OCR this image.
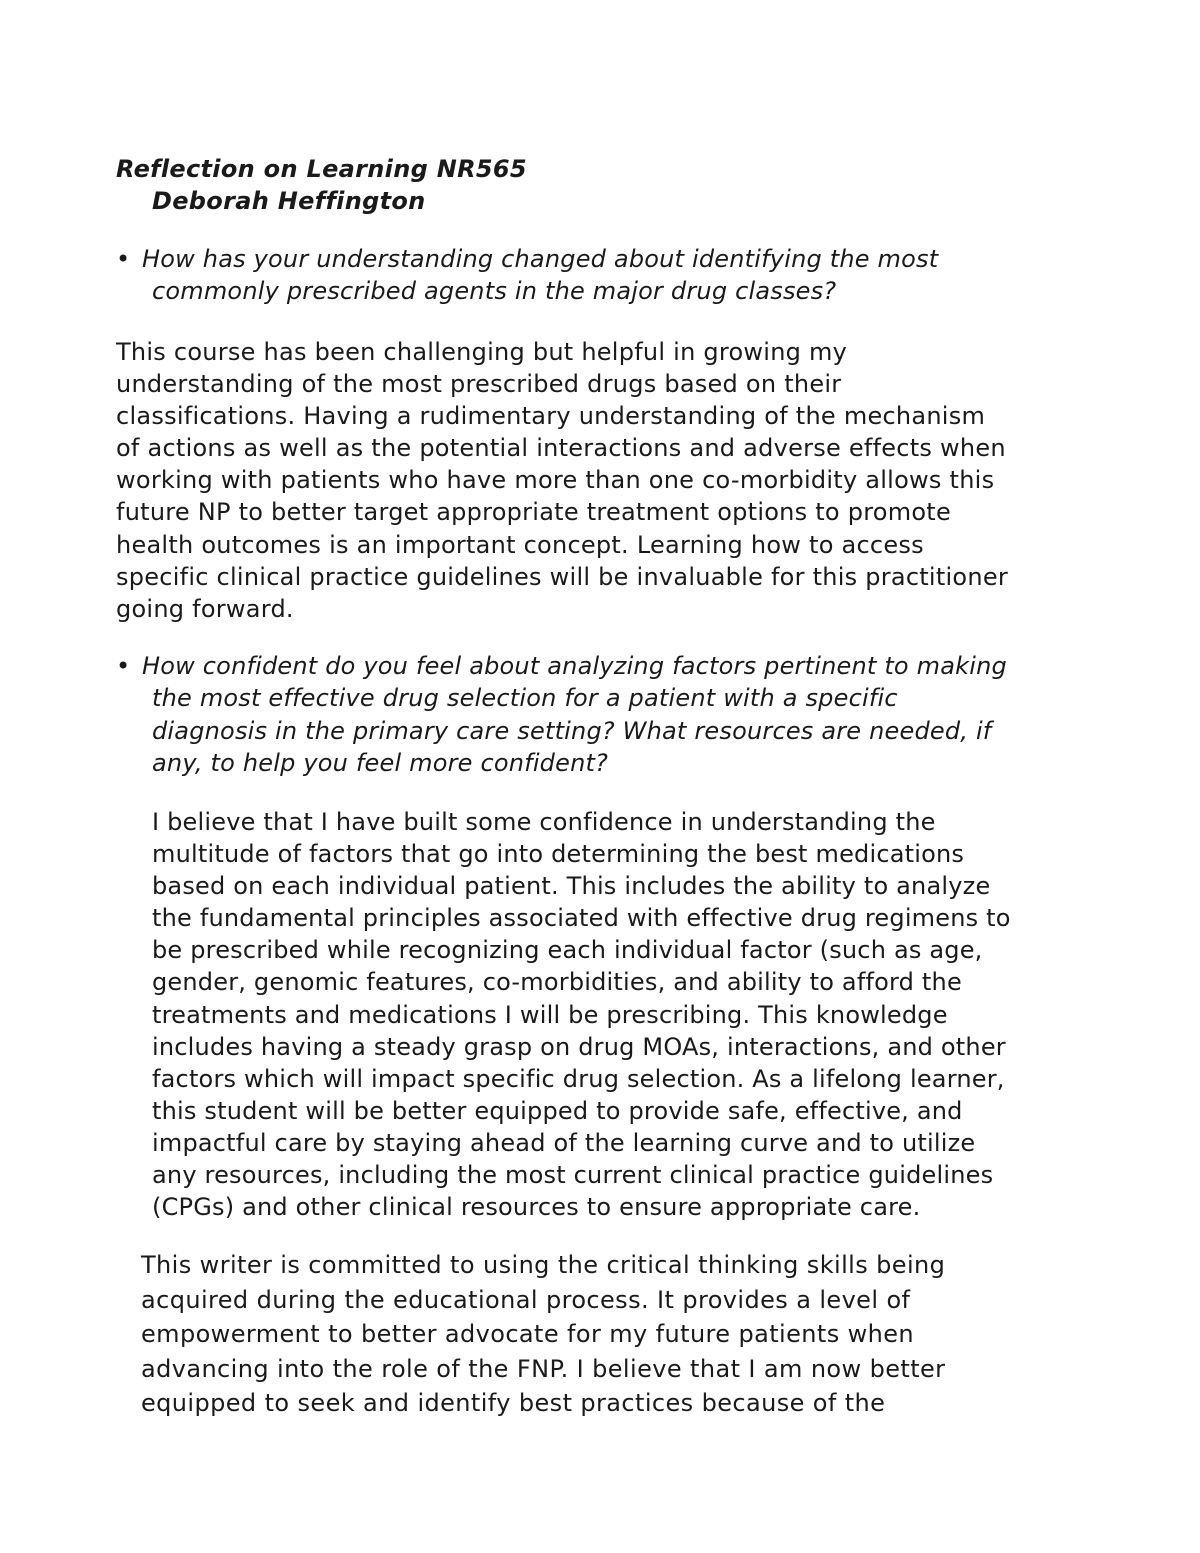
Reflection on Learning NR565
Deborah Heffington
• How has your understanding changed about identifying the most
commonly prescribed agents in the major drug classes?
This course has been challenging but helpful in growing my
understanding of the most prescribed drugs based on their
classifications. Having a rudimentary understanding of the mechanism
of actions as well as the potential interactions and adverse effects when
working with patients who have more than one co-morbidity allows this
future NP to better target appropriate treatment options to promote
health outcomes is an important concept. Learning how to access
specific clinical practice guidelines will be invaluable for this practitioner
going forward.
• How confident do you feel about analyzing factors pertinent to making
the most effective drug selection for a patient with a specific
diagnosis in the primary care setting? What resources are needed, if
any, to help you feel more confident?
I believe that I have built some confidence in understanding the
multitude of factors that go into determining the best medications
based on each individual patient. This includes the ability to analyze
the fundamental principles associated with effective drug regimens to
be prescribed while recognizing each individual factor (such as age,
gender, genomic features, co-morbidities, and ability to afford the
treatments and medications I will be prescribing. This knowledge
includes having a steady grasp on drug MOAs, interactions, and other
factors which will impact specific drug selection. As a lifelong learner,
this student will be better equipped to provide safe, effective, and
impactful care by staying ahead of the learning curve and to utilize
any resources, including the most current clinical practice guidelines
(CPGs) and other clinical resources to ensure appropriate care.
This writer is committed to using the critical thinking skills being
acquired during the educational process. It provides a level of
empowerment to better advocate for my future patients when
advancing into the role of the FNP. I believe that I am now better
equipped to seek and identify best practices because of the
